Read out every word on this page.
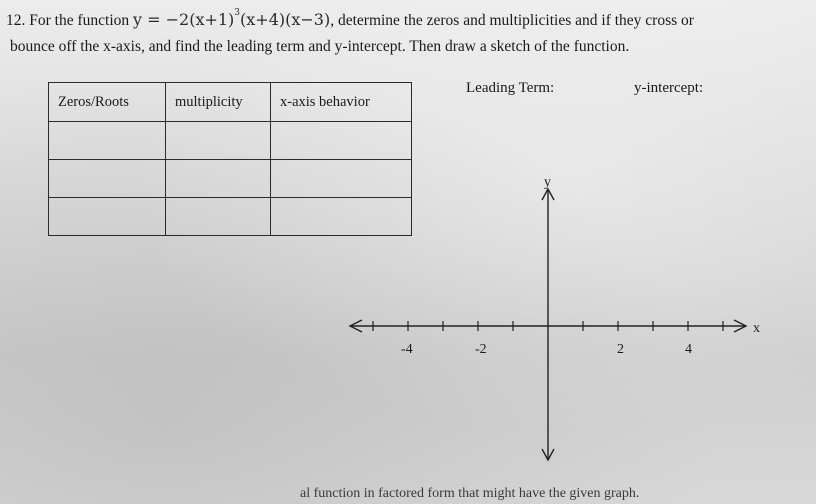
12. For the function $y = -2(x+1)^3(x+4)(x-3)$, determine the zeros and multiplicities and if they cross or
bounce off the x-axis, and find the leading term and y-intercept. Then draw a sketch of the function.
Zeros/Roots	multiplicity	x-axis behavior

Leading Term:	y-intercept:
y
x
-4	-2	2	4
al function in factored form that might have the given graph.
